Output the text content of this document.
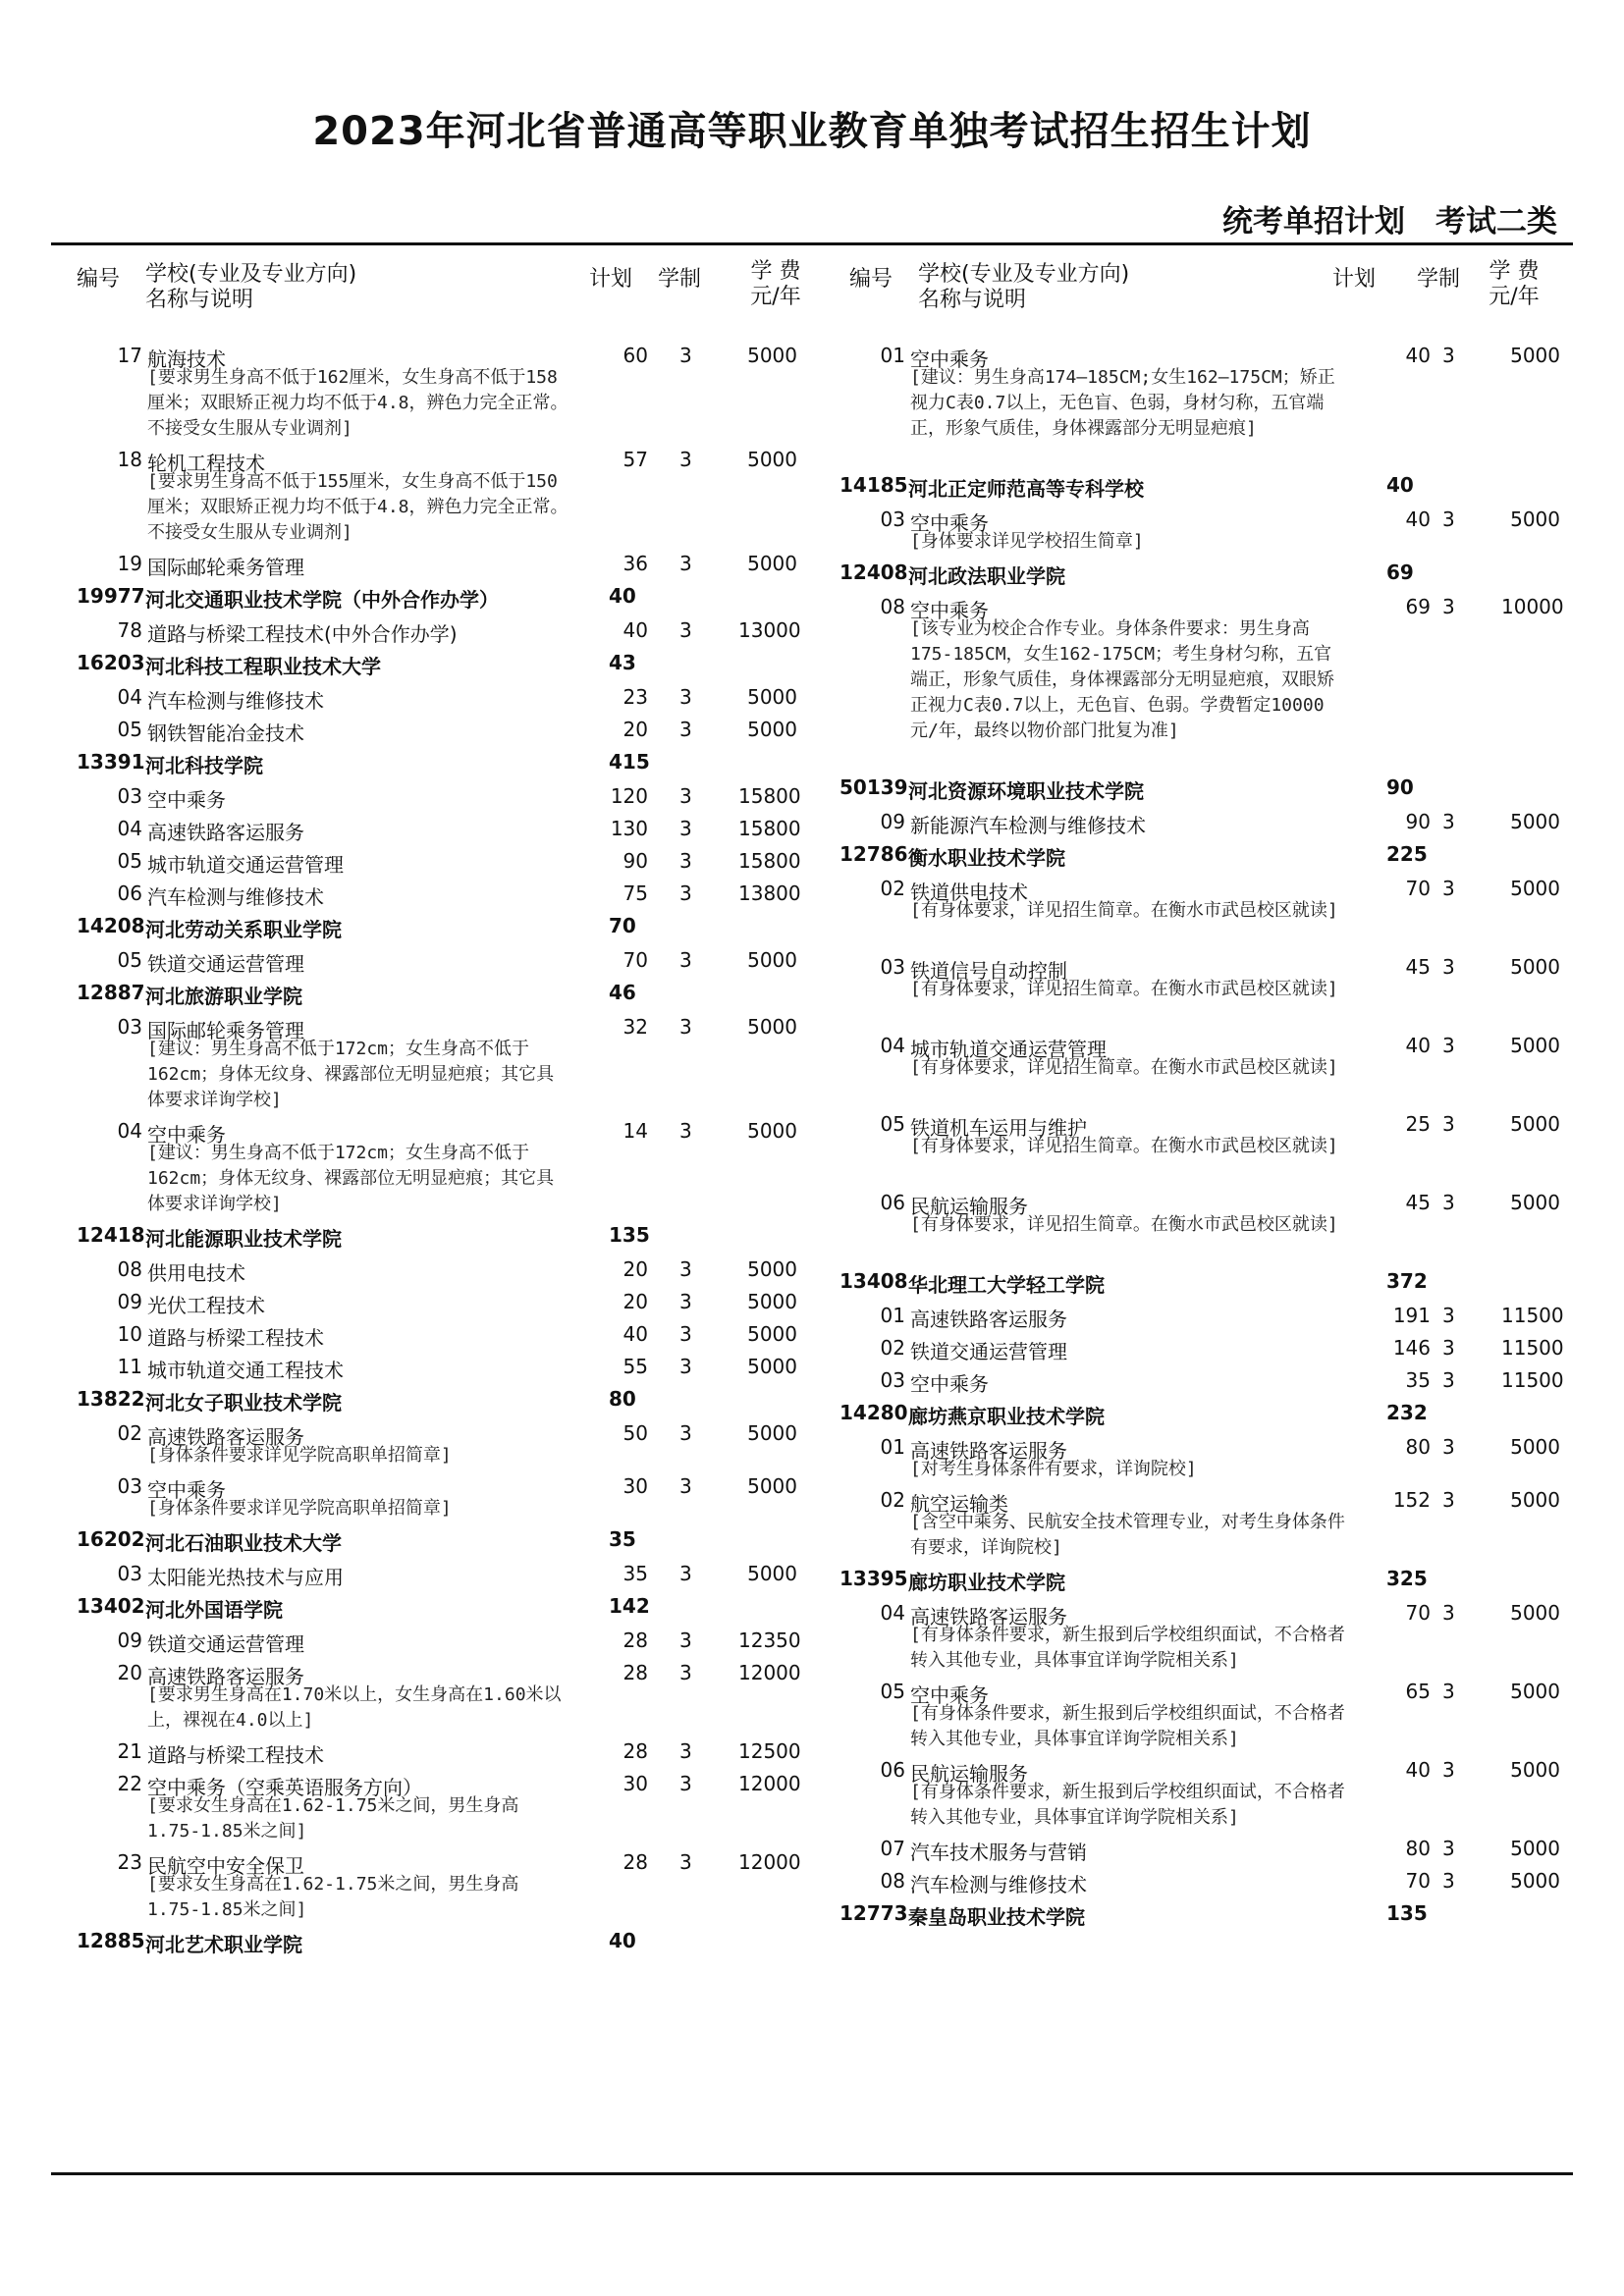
2023年河北省普通高等职业教育单独考试招生招生计划
统考单招计划　考试二类
编号 学校(专业及专业方向)
名称与说明
计划 学制	学 费
元/年
17 航海技术	60 3	5000
[要求男生身高不低于162厘米，女生身高不低于158厘米；双眼矫正视力均不低于4.8，辨色力完全正常。不接受女生服从专业调剂]
18 轮机工程技术	57 3	5000
[要求男生身高不低于155厘米，女生身高不低于150厘米；双眼矫正视力均不低于4.8，辨色力完全正常。不接受女生服从专业调剂]
19 国际邮轮乘务管理	36 3	5000
19977 河北交通职业技术学院（中外合作办学）	40
78 道路与桥梁工程技术(中外合作办学)	40 3 13000
16203 河北科技工程职业技术大学	43
04 汽车检测与维修技术	23 3	5000
05 钢铁智能冶金技术	20 3	5000
13391 河北科技学院	415
03 空中乘务	120 3 15800
04 高速铁路客运服务	130 3 15800
05 城市轨道交通运营管理	90 3 15800
06 汽车检测与维修技术	75 3 13800
14208 河北劳动关系职业学院	70
05 铁道交通运营管理	70 3	5000
12887 河北旅游职业学院	46
03 国际邮轮乘务管理	32 3	5000
[建议：男生身高不低于172cm；女生身高不低于162cm；身体无纹身、裸露部位无明显疤痕；其它具体要求详询学校]
04 空中乘务	14 3	5000
[建议：男生身高不低于172cm；女生身高不低于162cm；身体无纹身、裸露部位无明显疤痕；其它具体要求详询学校]
12418 河北能源职业技术学院	135
08 供用电技术	20 3	5000
09 光伏工程技术	20 3	5000
10 道路与桥梁工程技术	40 3	5000
11 城市轨道交通工程技术	55 3	5000
13822 河北女子职业技术学院	80
02 高速铁路客运服务	50 3	5000
[身体条件要求详见学院高职单招简章]
03 空中乘务	30 3	5000
[身体条件要求详见学院高职单招简章]
16202 河北石油职业技术大学	35
03 太阳能光热技术与应用	35 3	5000
13402 河北外国语学院	142
09 铁道交通运营管理	28 3 12350
20 高速铁路客运服务	28 3 12000
[要求男生身高在1.70米以上，女生身高在1.60米以上，裸视在4.0以上]
21 道路与桥梁工程技术	28 3 12500
22 空中乘务（空乘英语服务方向）	30 3 12000
[要求女生身高在1.62-1.75米之间，男生身高1.75-1.85米之间]
23 民航空中安全保卫	28 3 12000
[要求女生身高在1.62-1.75米之间，男生身高1.75-1.85米之间]
12885 河北艺术职业学院	40
编号 学校(专业及专业方向)
名称与说明
计划 学制	学 费
元/年
01 空中乘务	40 3	5000
[建议：男生身高174—185CM;女生162—175CM；矫正视力C表0.7以上，无色盲、色弱，身材匀称，五官端正，形象气质佳，身体裸露部分无明显疤痕]
14185 河北正定师范高等专科学校	40
03 空中乘务	40 3	5000
[身体要求详见学校招生简章]
12408 河北政法职业学院	69
08 空中乘务	69 3 10000
[该专业为校企合作专业。身体条件要求：男生身高175-185CM，女生162-175CM；考生身材匀称，五官端正，形象气质佳，身体裸露部分无明显疤痕，双眼矫正视力C表0.7以上，无色盲、色弱。学费暂定10000元/年，最终以物价部门批复为准]
50139 河北资源环境职业技术学院	90
09 新能源汽车检测与维修技术	90 3	5000
12786 衡水职业技术学院	225
02 铁道供电技术	70 3	5000
[有身体要求，详见招生简章。在衡水市武邑校区就读]
03 铁道信号自动控制	45 3	5000
[有身体要求，详见招生简章。在衡水市武邑校区就读]
04 城市轨道交通运营管理	40 3	5000
[有身体要求，详见招生简章。在衡水市武邑校区就读]
05 铁道机车运用与维护	25 3	5000
[有身体要求，详见招生简章。在衡水市武邑校区就读]
06 民航运输服务	45 3	5000
[有身体要求，详见招生简章。在衡水市武邑校区就读]
13408 华北理工大学轻工学院	372
01 高速铁路客运服务	191 3 11500
02 铁道交通运营管理	146 3 11500
03 空中乘务	35 3 11500
14280 廊坊燕京职业技术学院	232
01 高速铁路客运服务	80 3	5000
[对考生身体条件有要求，详询院校]
02 航空运输类	152 3	5000
[含空中乘务、民航安全技术管理专业，对考生身体条件有要求，详询院校]
13395 廊坊职业技术学院	325
04 高速铁路客运服务	70 3	5000
[有身体条件要求，新生报到后学校组织面试，不合格者转入其他专业，具体事宜详询学院相关系]
05 空中乘务	65 3	5000
[有身体条件要求，新生报到后学校组织面试，不合格者转入其他专业，具体事宜详询学院相关系]
06 民航运输服务	40 3	5000
[有身体条件要求，新生报到后学校组织面试，不合格者转入其他专业，具体事宜详询学院相关系]
07 汽车技术服务与营销	80 3	5000
08 汽车检测与维修技术	70 3	5000
12773 秦皇岛职业技术学院	135
